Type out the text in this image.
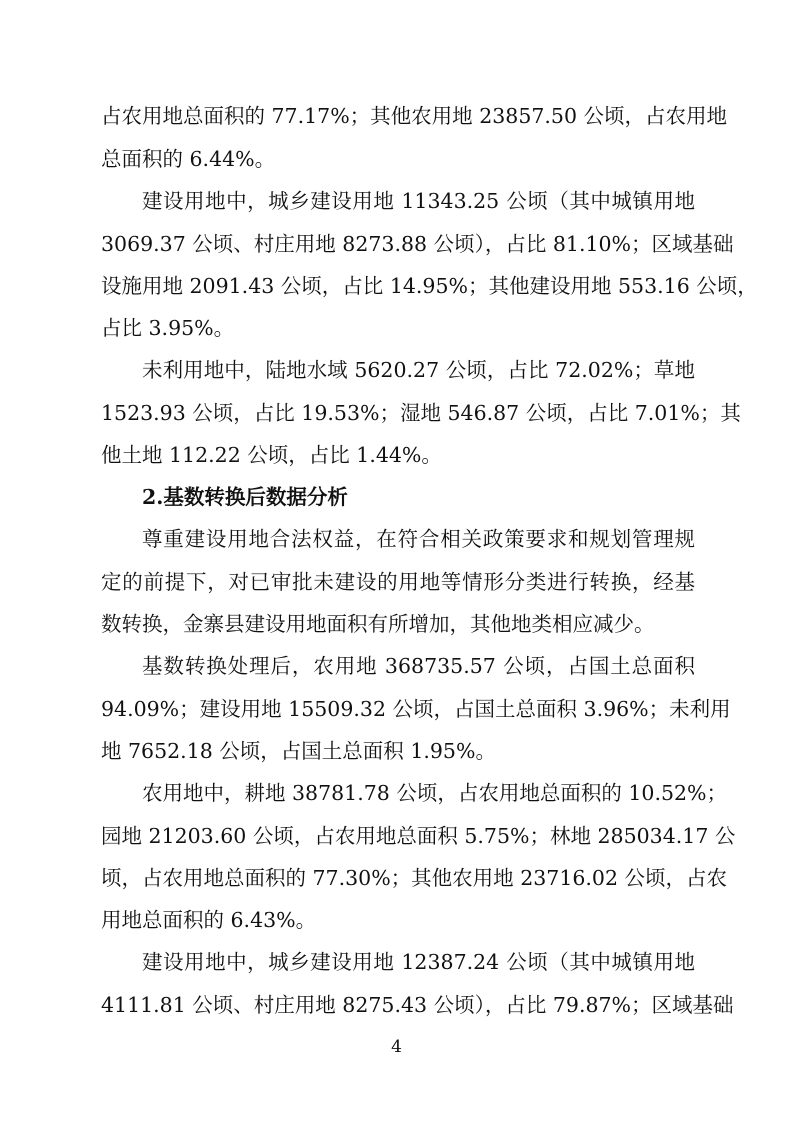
占农用地总面积的 77.17%；其他农用地 23857.50 公顷，占农用地
总面积的 6.44%。
建设用地中，城乡建设用地 11343.25 公顷（其中城镇用地
3069.37 公顷、村庄用地 8273.88 公顷），占比 81.10%；区域基础
设施用地 2091.43 公顷，占比 14.95%；其他建设用地 553.16 公顷，
占比 3.95%。
未利用地中，陆地水域 5620.27 公顷，占比 72.02%；草地
1523.93 公顷，占比 19.53%；湿地 546.87 公顷，占比 7.01%；其
他土地 112.22 公顷，占比 1.44%。
2.基数转换后数据分析
尊重建设用地合法权益，在符合相关政策要求和规划管理规
定的前提下，对已审批未建设的用地等情形分类进行转换，经基
数转换，金寨县建设用地面积有所增加，其他地类相应减少。
基数转换处理后，农用地 368735.57 公顷，占国土总面积
94.09%；建设用地 15509.32 公顷，占国土总面积 3.96%；未利用
地 7652.18 公顷，占国土总面积 1.95%。
农用地中，耕地 38781.78 公顷，占农用地总面积的 10.52%；
园地 21203.60 公顷，占农用地总面积 5.75%；林地 285034.17 公
顷，占农用地总面积的 77.30%；其他农用地 23716.02 公顷，占农
用地总面积的 6.43%。
建设用地中，城乡建设用地 12387.24 公顷（其中城镇用地
4111.81 公顷、村庄用地 8275.43 公顷），占比 79.87%；区域基础
4
